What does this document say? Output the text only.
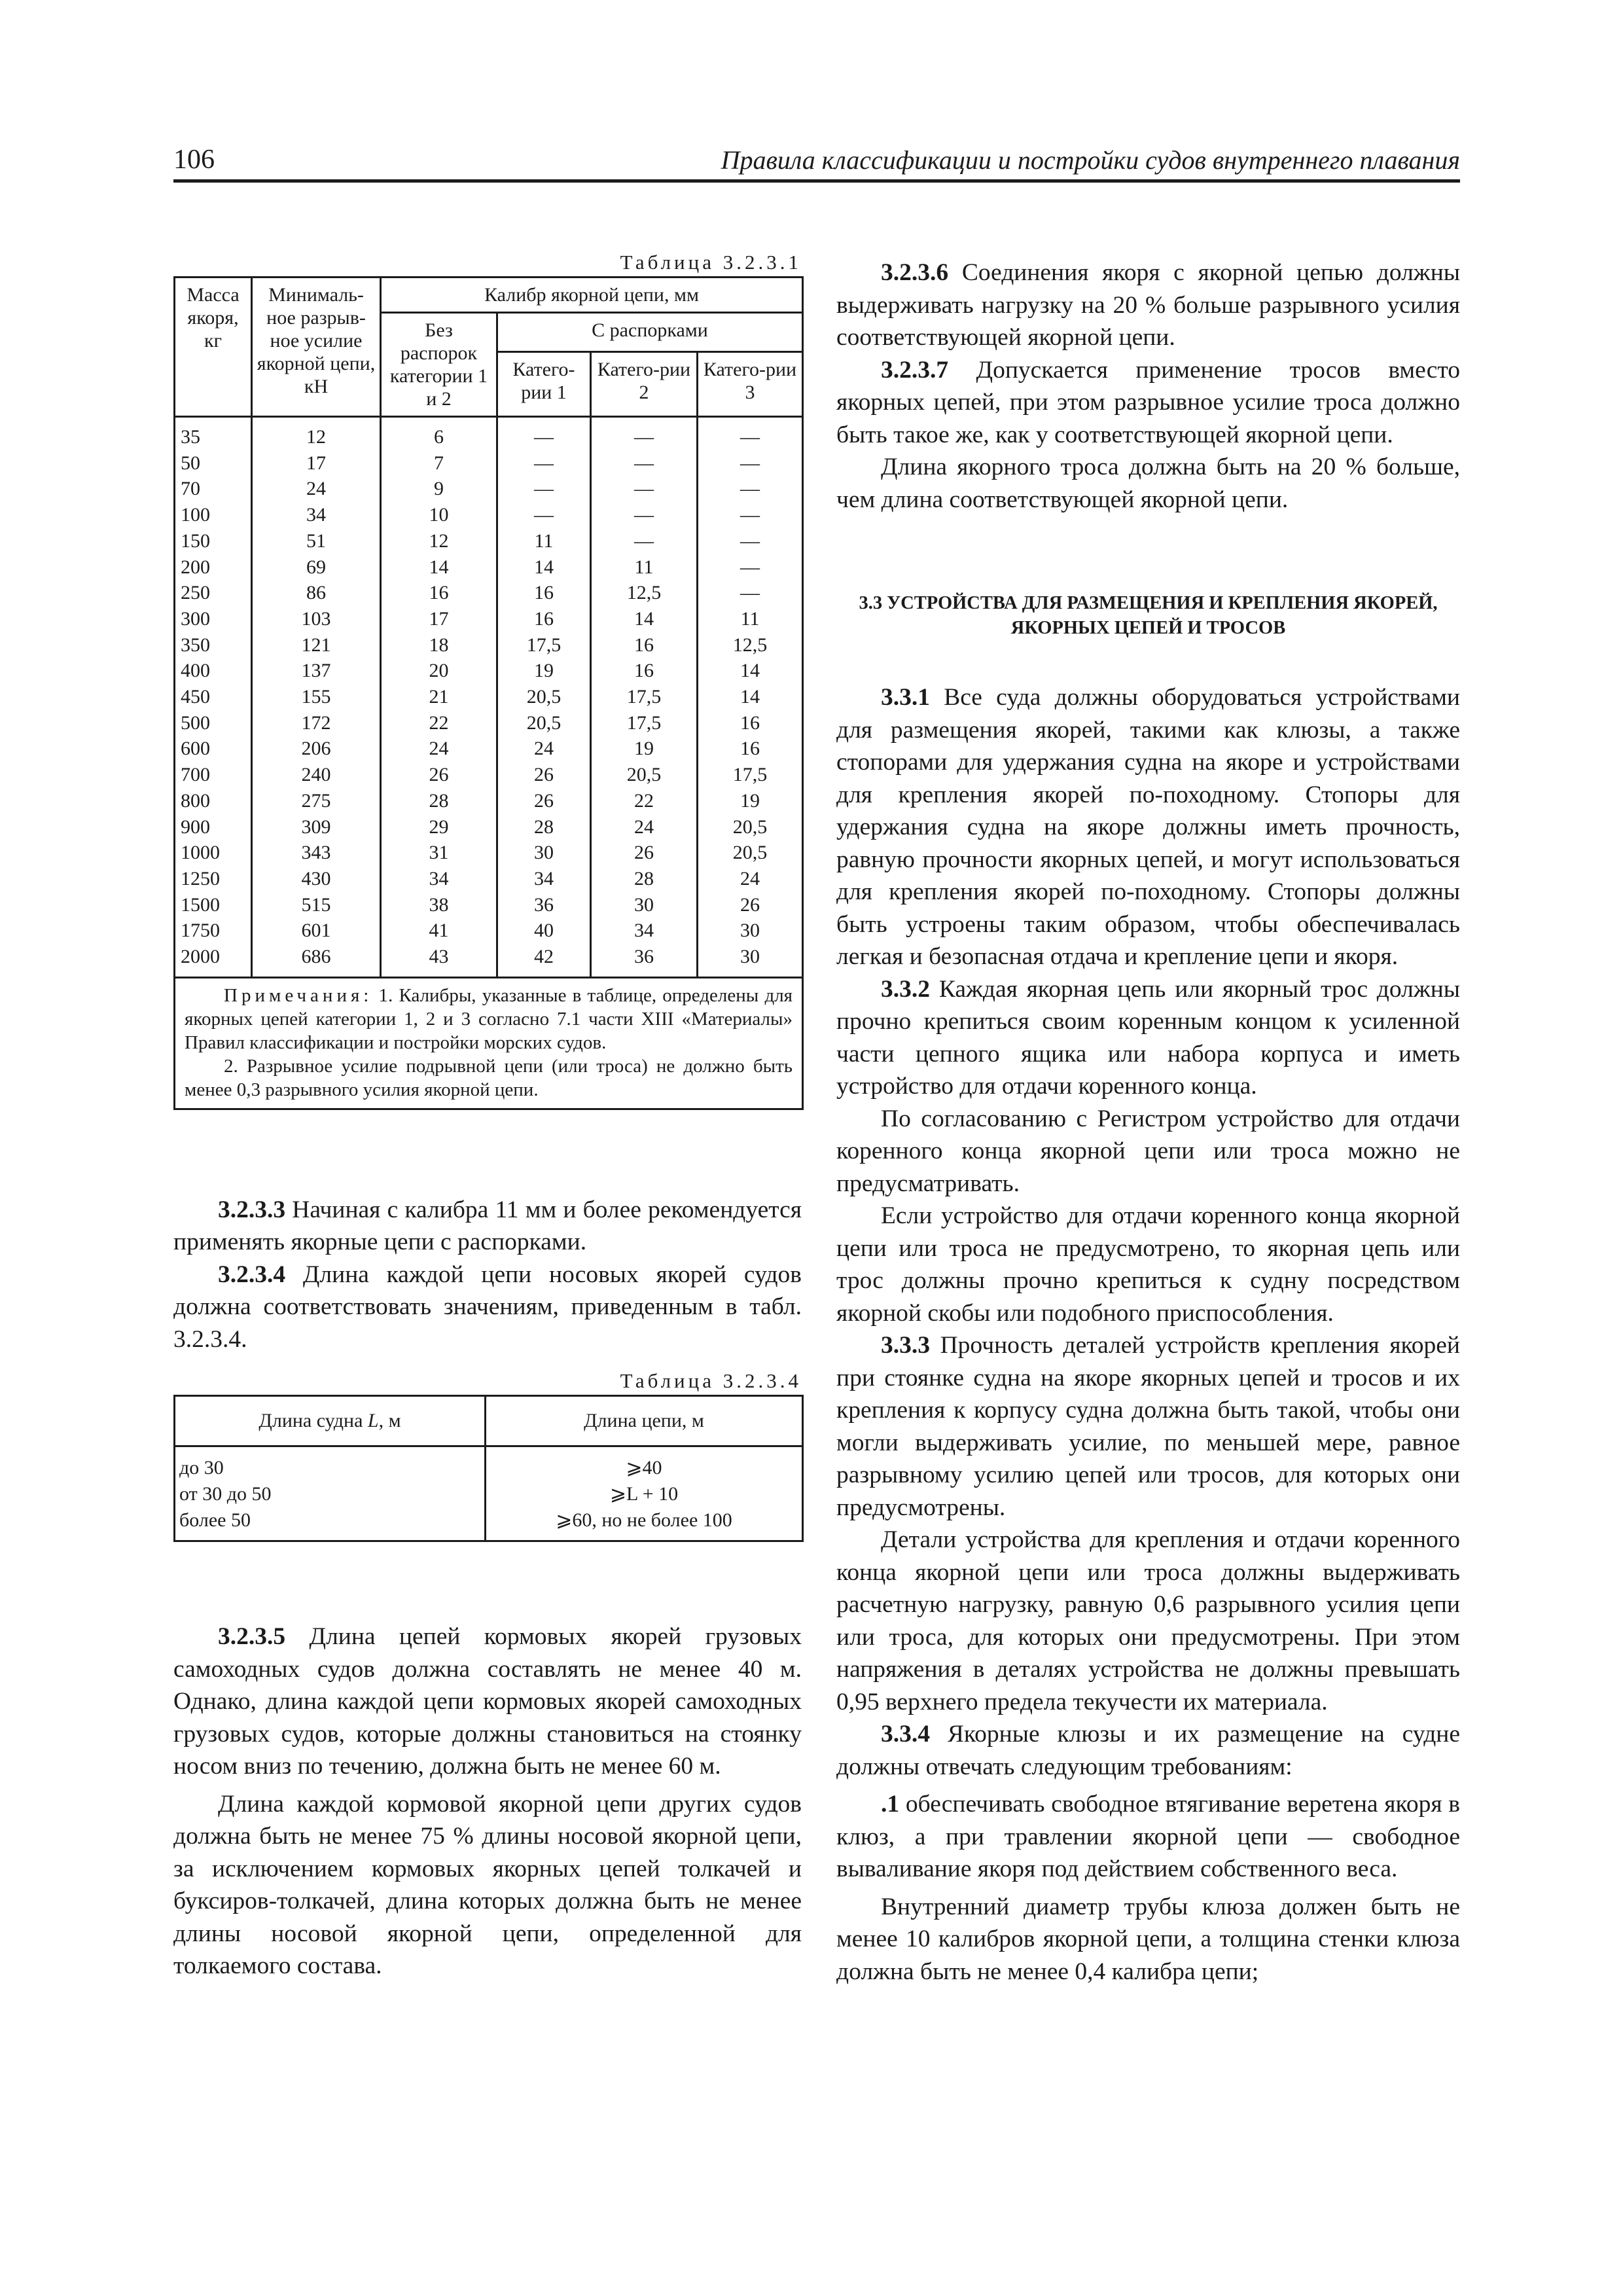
106	Правила классификации и постройки судов внутреннего плавания
Таблица 3.2.3.1
Масса якоря, кг	Минималь-ное разрыв-ное усилие якорной цепи, кН	Калибр якорной цепи, мм			
		Без распорок категории 1 и 2	С распорками		
			Катего-рии 1	Катего-рии 2	Катего-рии 3
35	12	6	—	—	—
50	17	7	—	—	—
70	24	9	—	—	—
100	34	10	—	—	—
150	51	12	11	—	—
200	69	14	14	11	—
250	86	16	16	12,5	—
300	103	17	16	14	11
350	121	18	17,5	16	12,5
400	137	20	19	16	14
450	155	21	20,5	17,5	14
500	172	22	20,5	17,5	16
600	206	24	24	19	16
700	240	26	26	20,5	17,5
800	275	28	26	22	19
900	309	29	28	24	20,5
1000	343	31	30	26	20,5
1250	430	34	34	28	24
1500	515	38	36	30	26
1750	601	41	40	34	30
2000	686	43	42	36	30

Примечания: 1. Калибры, указанные в таблице, определены для якорных цепей категории 1, 2 и 3 согласно 7.1 части XIII «Материалы» Правил классификации и постройки морских судов.

2. Разрывное усилие подрывной цепи (или троса) не должно быть менее 0,3 разрывного усилия якорной цепи.					

3.2.3.3 Начиная с калибра 11 мм и более рекомендуется применять якорные цепи с распорками.

3.2.3.4 Длина каждой цепи носовых якорей судов должна соответствовать значениям, приведенным в табл. 3.2.3.4.

Таблица 3.2.3.4
Длина судна L, м	Длина цепи, м
до 30	⩾40
от 30 до 50	⩾L + 10
более 50	⩾60, но не более 100

3.2.3.5 Длина цепей кормовых якорей грузовых самоходных судов должна составлять не менее 40 м. Однако, длина каждой цепи кормовых якорей самоходных грузовых судов, которые должны становиться на стоянку носом вниз по течению, должна быть не менее 60 м.

Длина каждой кормовой якорной цепи других судов должна быть не менее 75 % длины носовой якорной цепи, за исключением кормовых якорных цепей толкачей и буксиров-толкачей, длина которых должна быть не менее длины носовой якорной цепи, определенной для толкаемого состава.

3.2.3.6 Соединения якоря с якорной цепью должны выдерживать нагрузку на 20 % больше разрывного усилия соответствующей якорной цепи.

3.2.3.7 Допускается применение тросов вместо якорных цепей, при этом разрывное усилие троса должно быть такое же, как у соответствующей якорной цепи.

Длина якорного троса должна быть на 20 % больше, чем длина соответствующей якорной цепи.

3.3 УСТРОЙСТВА ДЛЯ РАЗМЕЩЕНИЯ И КРЕПЛЕНИЯ ЯКОРЕЙ, ЯКОРНЫХ ЦЕПЕЙ И ТРОСОВ

3.3.1 Все суда должны оборудоваться устройствами для размещения якорей, такими как клюзы, а также стопорами для удержания судна на якоре и устройствами для крепления якорей по-походному. Стопоры для удержания судна на якоре должны иметь прочность, равную прочности якорных цепей, и могут использоваться для крепления якорей по-походному. Стопоры должны быть устроены таким образом, чтобы обеспечивалась легкая и безопасная отдача и крепление цепи и якоря.

3.3.2 Каждая якорная цепь или якорный трос должны прочно крепиться своим коренным концом к усиленной части цепного ящика или набора корпуса и иметь устройство для отдачи коренного конца.

По согласованию с Регистром устройство для отдачи коренного конца якорной цепи или троса можно не предусматривать.

Если устройство для отдачи коренного конца якорной цепи или троса не предусмотрено, то якорная цепь или трос должны прочно крепиться к судну посредством якорной скобы или подобного приспособления.

3.3.3 Прочность деталей устройств крепления якорей при стоянке судна на якоре якорных цепей и тросов и их крепления к корпусу судна должна быть такой, чтобы они могли выдерживать усилие, по меньшей мере, равное разрывному усилию цепей или тросов, для которых они предусмотрены.

Детали устройства для крепления и отдачи коренного конца якорной цепи или троса должны выдерживать расчетную нагрузку, равную 0,6 разрывного усилия цепи или троса, для которых они предусмотрены. При этом напряжения в деталях устройства не должны превышать 0,95 верхнего предела текучести их материала.

3.3.4 Якорные клюзы и их размещение на судне должны отвечать следующим требованиям:

.1 обеспечивать свободное втягивание веретена якоря в клюз, а при травлении якорной цепи — свободное вываливание якоря под действием собственного веса.

Внутренний диаметр трубы клюза должен быть не менее 10 калибров якорной цепи, а толщина стенки клюза должна быть не менее 0,4 калибра цепи;
